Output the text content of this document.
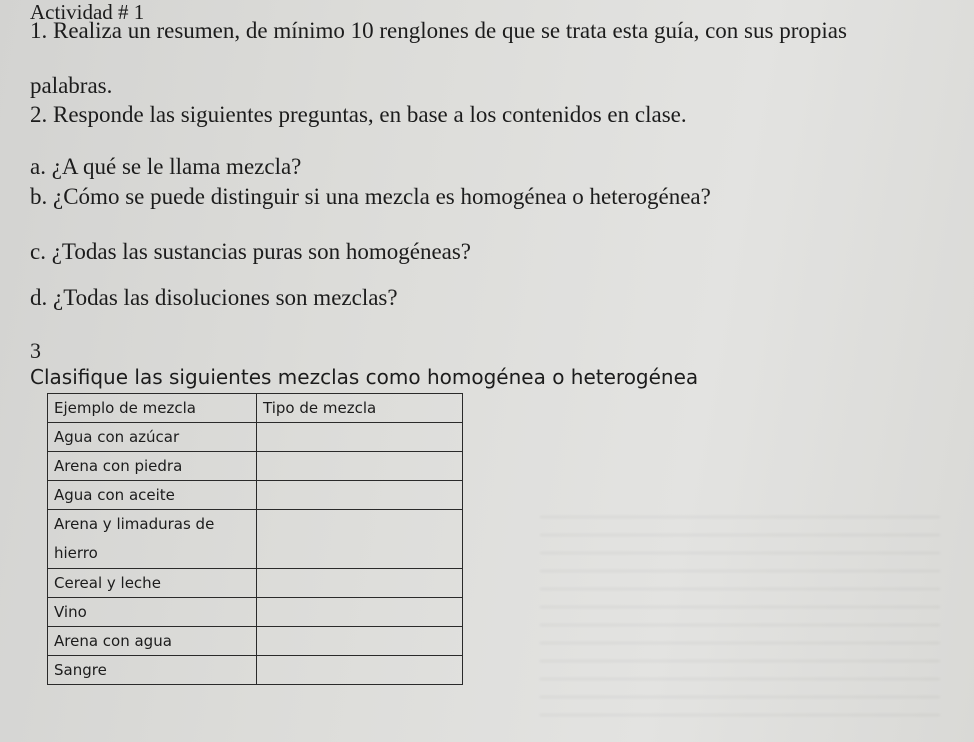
Actividad # 1
1. Realiza un resumen, de mínimo 10 renglones de que se trata esta guía, con sus propias
palabras.
2. Responde las siguientes preguntas, en base a los contenidos en clase.
a. ¿A qué se le llama mezcla?
b. ¿Cómo se puede distinguir si una mezcla es homogénea o heterogénea?
c. ¿Todas las sustancias puras son homogéneas?
d. ¿Todas las disoluciones son mezclas?
3
Clasifique las siguientes mezclas como homogénea o heterogénea
Ejemplo de mezcla	Tipo de mezcla
Agua con azúcar	
Arena con piedra	
Agua con aceite	
Arena y limaduras de hierro	
Cereal y leche	
Vino	
Arena con agua	
Sangre	
